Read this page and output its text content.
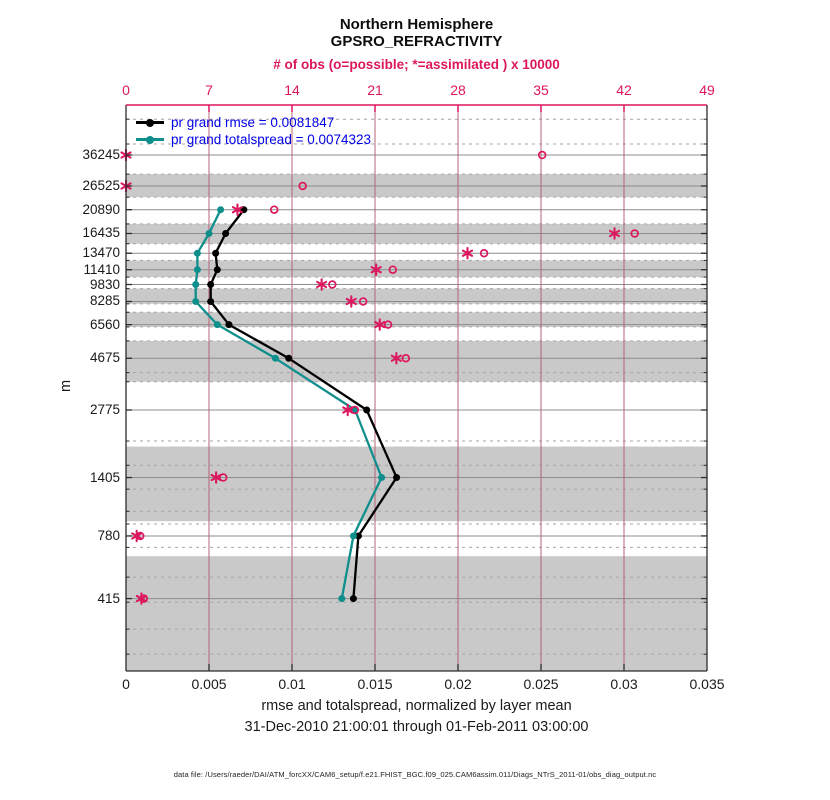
Northern Hemisphere
GPSRO_REFRACTIVITY
# of obs (o=possible; *=assimilated ) x 10000
0	7	14	21	28	35	42	49
36245
26525
20890
16435
13470
11410
9830
8285
6560
4675
2775
1405
780
415
m
pr grand rmse = 0.0081847
pr grand totalspread = 0.0074323
0	0.005	0.01	0.015	0.02	0.025	0.03	0.035
rmse and totalspread, normalized by layer mean
31-Dec-2010 21:00:01 through 01-Feb-2011 03:00:00
data file: /Users/raeder/DAI/ATM_forcXX/CAM6_setup/f.e21.FHIST_BGC.f09_025.CAM6assim.011/Diags_NTrS_2011-01/obs_diag_output.nc
